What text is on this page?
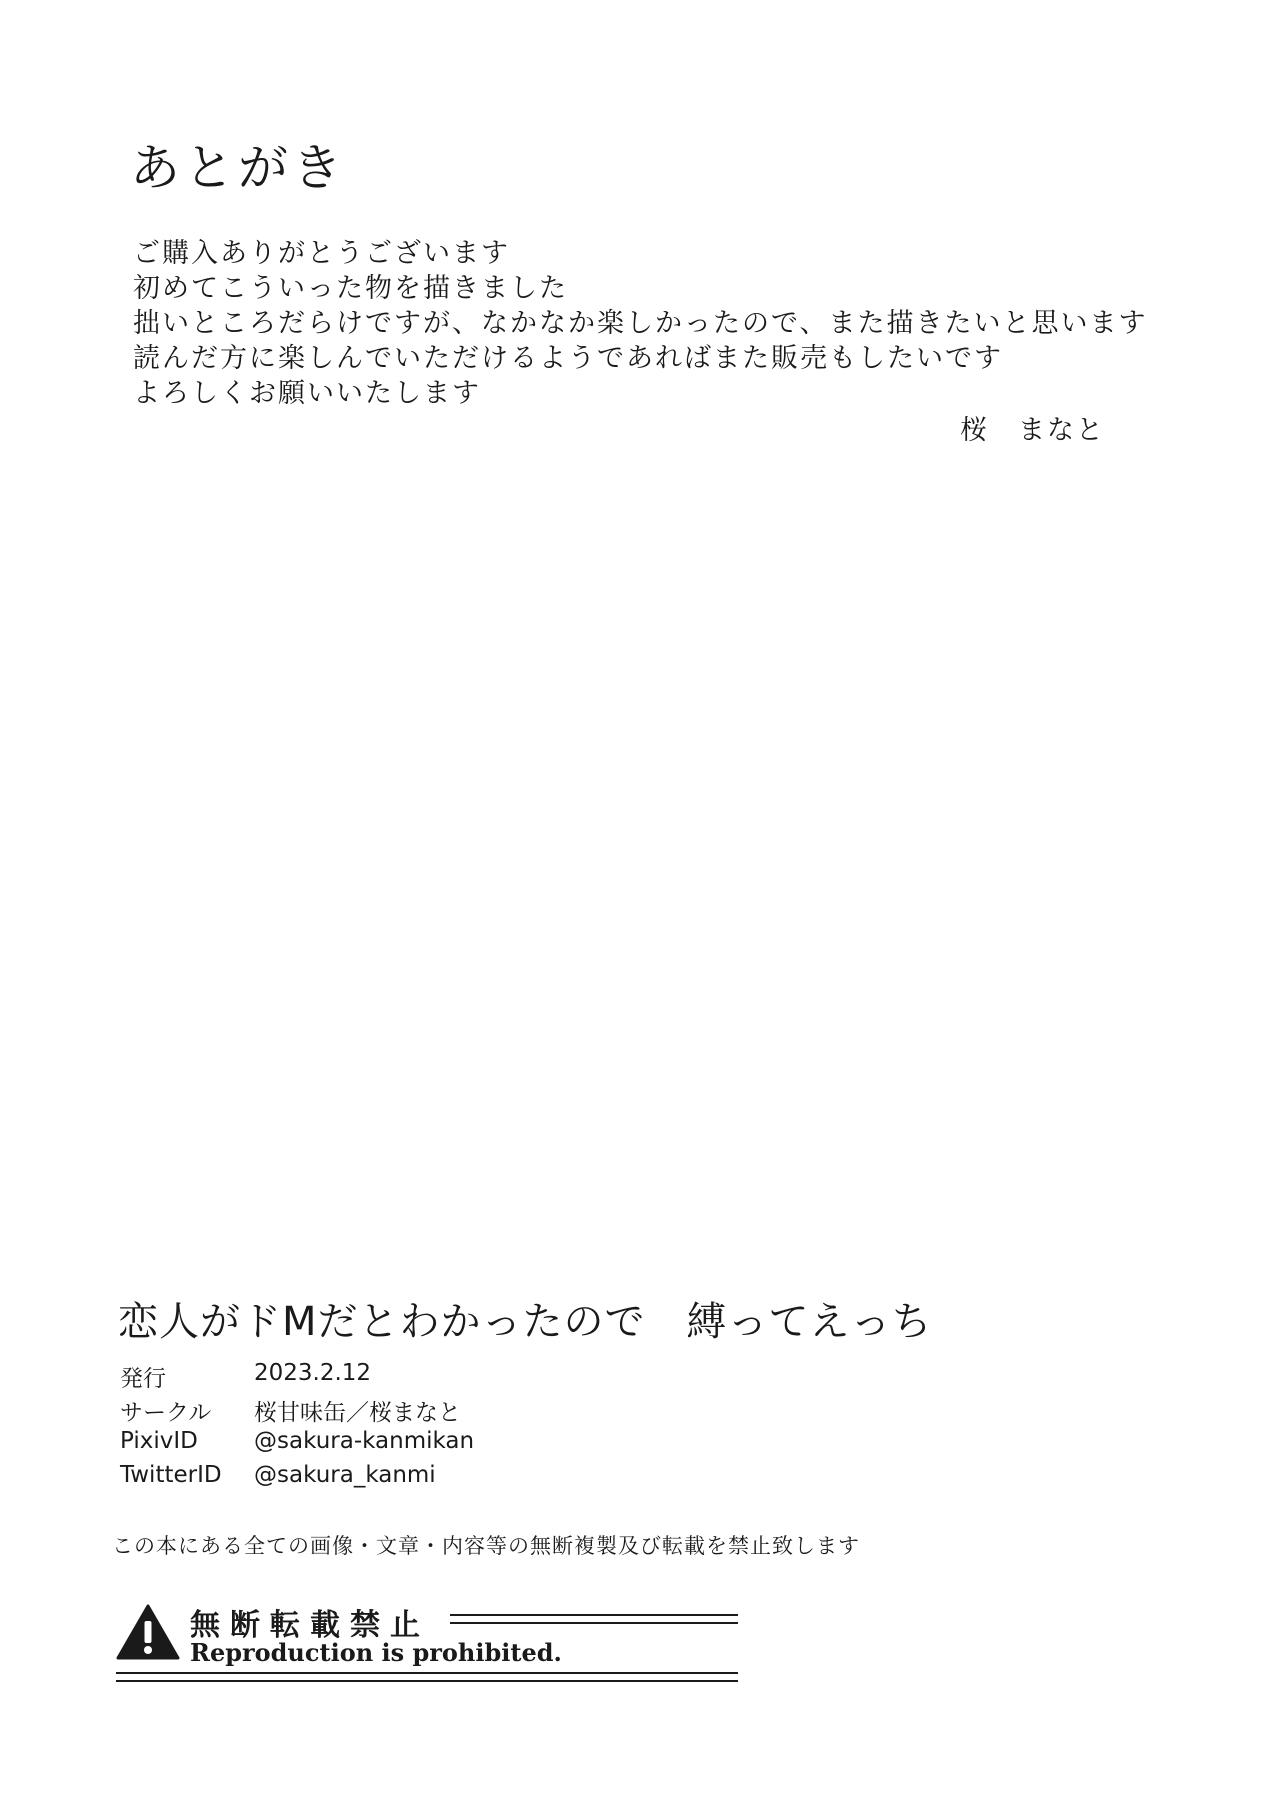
あとがき
ご購入ありがとうございます
初めてこういった物を描きました
拙いところだらけですが、なかなか楽しかったので、また描きたいと思います
読んだ方に楽しんでいただけるようであればまた販売もしたいです
よろしくお願いいたします
桜　まなと
恋人がドMだとわかったので　縛ってえっち
発行	2023.2.12
サークル 桜甘味缶／桜まなと
PixivID @sakura-kanmikan
TwitterID @sakura_kanmi
この本にある全ての画像・文章・内容等の無断複製及び転載を禁止致します
無断転載禁止
Reproduction is prohibited.
